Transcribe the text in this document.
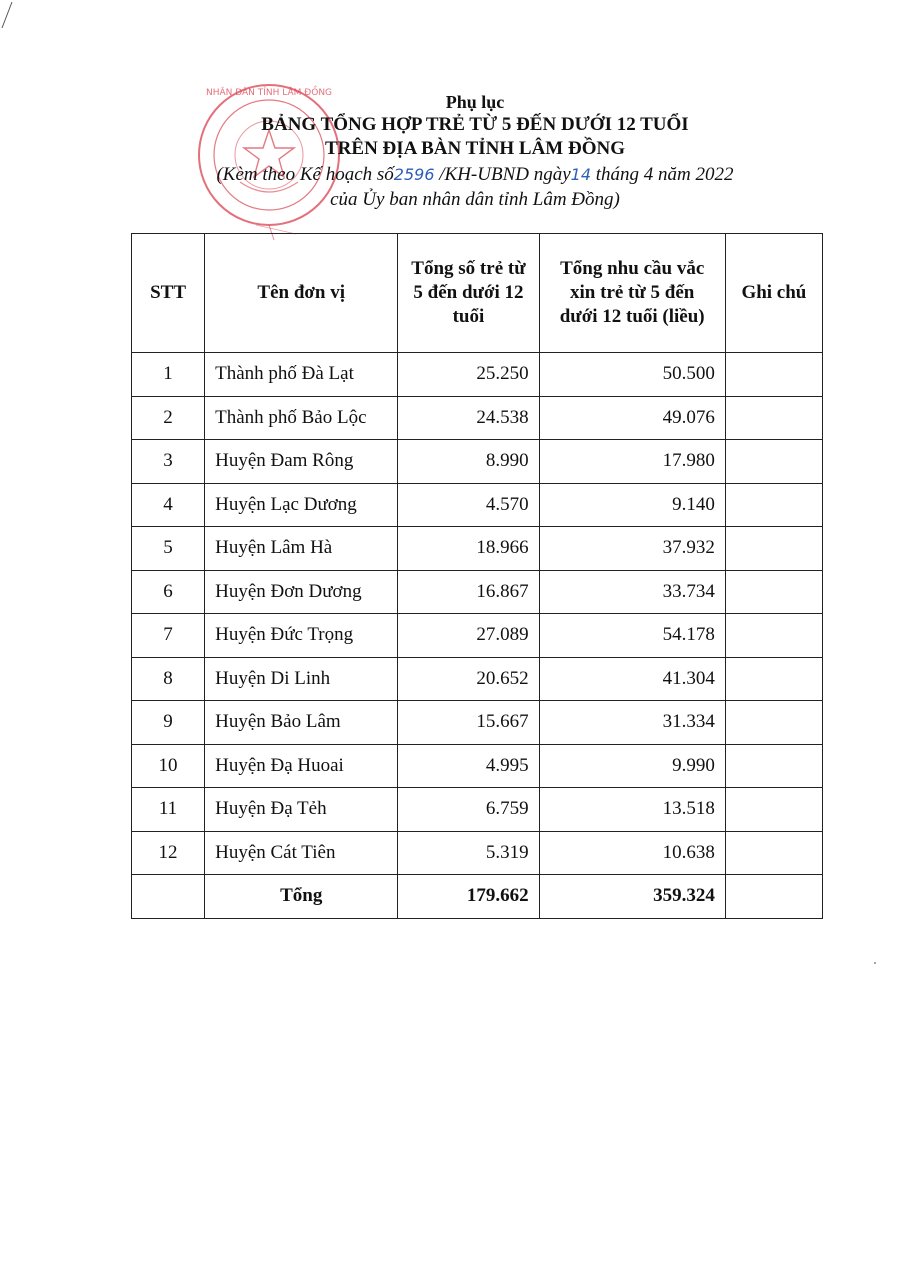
NHÂN DÂN TỈNH LÂM ĐỒNG	Phụ lục
BẢNG TỔNG HỢP TRẺ TỪ 5 ĐẾN DƯỚI 12 TUỔI
TRÊN ĐỊA BÀN TỈNH LÂM ĐỒNG
(Kèm theo Kế hoạch số2596 /KH-UBND ngày14 tháng 4 năm 2022
của Ủy ban nhân dân tỉnh Lâm Đồng)
STT	Tên đơn vị	Tổng số trẻ từ 5 đến dưới 12 tuổi	Tổng nhu cầu vắc xin trẻ từ 5 đến dưới 12 tuổi (liều)	Ghi chú
1	Thành phố Đà Lạt	25.250	50.500	
2	Thành phố Bảo Lộc	24.538	49.076	
3	Huyện Đam Rông	8.990	17.980	
4	Huyện Lạc Dương	4.570	9.140	
5	Huyện Lâm Hà	18.966	37.932	
6	Huyện Đơn Dương	16.867	33.734	
7	Huyện Đức Trọng	27.089	54.178	
8	Huyện Di Linh	20.652	41.304	
9	Huyện Bảo Lâm	15.667	31.334	
10	Huyện Đạ Huoai	4.995	9.990	
11	Huyện Đạ Tẻh	6.759	13.518	
12	Huyện Cát Tiên	5.319	10.638	
	Tổng	179.662	359.324	
